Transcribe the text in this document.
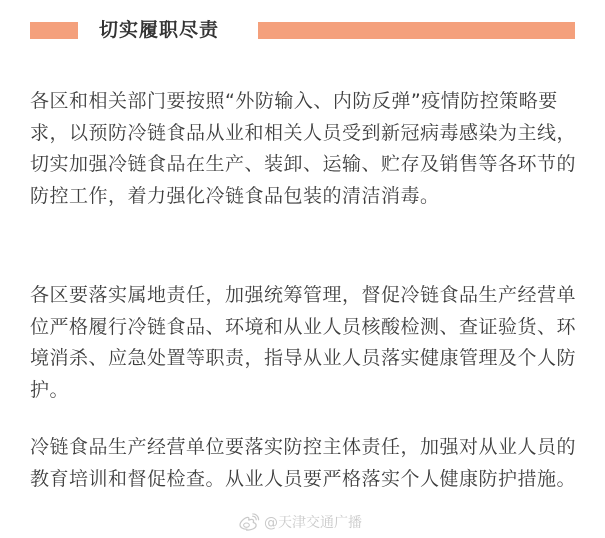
切实履职尽责

各区和相关部门要按照“外防输入、内防反弹”疫情防控策略要求，以预防冷链食品从业和相关人员受到新冠病毒感染为主线，切实加强冷链食品在生产、装卸、运输、贮存及销售等各环节的防控工作，着力强化冷链食品包装的清洁消毒。

各区要落实属地责任，加强统筹管理，督促冷链食品生产经营单位严格履行冷链食品、环境和从业人员核酸检测、查证验货、环境消杀、应急处置等职责，指导从业人员落实健康管理及个人防护。

冷链食品生产经营单位要落实防控主体责任，加强对从业人员的教育培训和督促检查。从业人员要严格落实个人健康防护措施。

@天津交通广播
